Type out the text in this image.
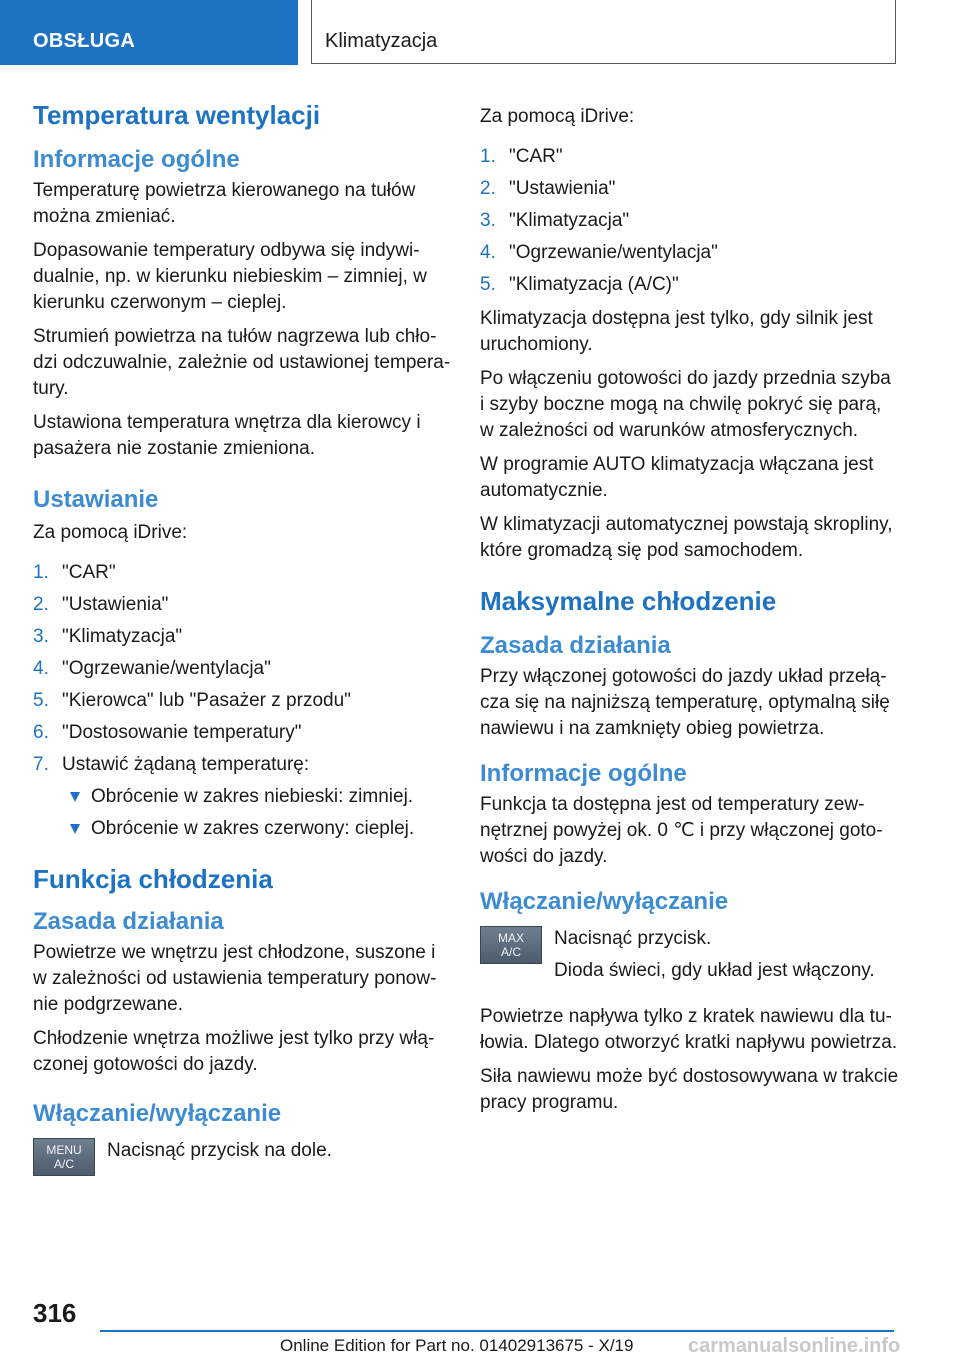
OBSŁUGA	Klimatyzacja
Temperatura wentylacji
Informacje ogólne

Temperaturę powietrza kierowanego na tułów można zmieniać.

Dopasowanie temperatury odbywa się indywidualnie, np. w kierunku niebieskim – zimniej, w kierunku czerwonym – cieplej.

Strumień powietrza na tułów nagrzewa lub chłodzi odczuwalnie, zależnie od ustawionej temperatury.

Ustawiona temperatura wnętrza dla kierowcy i pasażera nie zostanie zmieniona.

Ustawianie

Za pomocą iDrive:

1. "CAR"
2. "Ustawienia"
3. "Klimatyzacja"
4. "Ogrzewanie/wentylacja"
5. "Kierowca" lub "Pasażer z przodu"
6. "Dostosowanie temperatury"
7. Ustawić żądaną temperaturę:
Obrócenie w zakres niebieski: zimniej.
Obrócenie w zakres czerwony: cieplej.
Funkcja chłodzenia
Zasada działania

Powietrze we wnętrzu jest chłodzone, suszone i w zależności od ustawienia temperatury ponownie podgrzewane.

Chłodzenie wnętrza możliwe jest tylko przy włączonej gotowości do jazdy.

Włączanie/wyłączanie
MENU
A/C

Nacisnąć przycisk na dole.

Za pomocą iDrive:

1. "CAR"
2. "Ustawienia"
3. "Klimatyzacja"
4. "Ogrzewanie/wentylacja"
5. "Klimatyzacja (A/C)"

Klimatyzacja dostępna jest tylko, gdy silnik jest uruchomiony.

Po włączeniu gotowości do jazdy przednia szyba i szyby boczne mogą na chwilę pokryć się parą, w zależności od warunków atmosferycznych.

W programie AUTO klimatyzacja włączana jest automatycznie.

W klimatyzacji automatycznej powstają skropliny, które gromadzą się pod samochodem.

Maksymalne chłodzenie
Zasada działania

Przy włączonej gotowości do jazdy układ przełącza się na najniższą temperaturę, optymalną siłę nawiewu i na zamknięty obieg powietrza.

Informacje ogólne

Funkcja ta dostępna jest od temperatury zewnętrznej powyżej ok. 0 ℃ i przy włączonej gotowości do jazdy.

Włączanie/wyłączanie
MAX
A/C

Nacisnąć przycisk.

Dioda świeci, gdy układ jest włączony.

Powietrze napływa tylko z kratek nawiewu dla tułowia. Dlatego otworzyć kratki napływu powietrza.

Siła nawiewu może być dostosowywana w trakcie pracy programu.

316
Online Edition for Part no. 01402913675 - X/19	carmanualsonline.info
